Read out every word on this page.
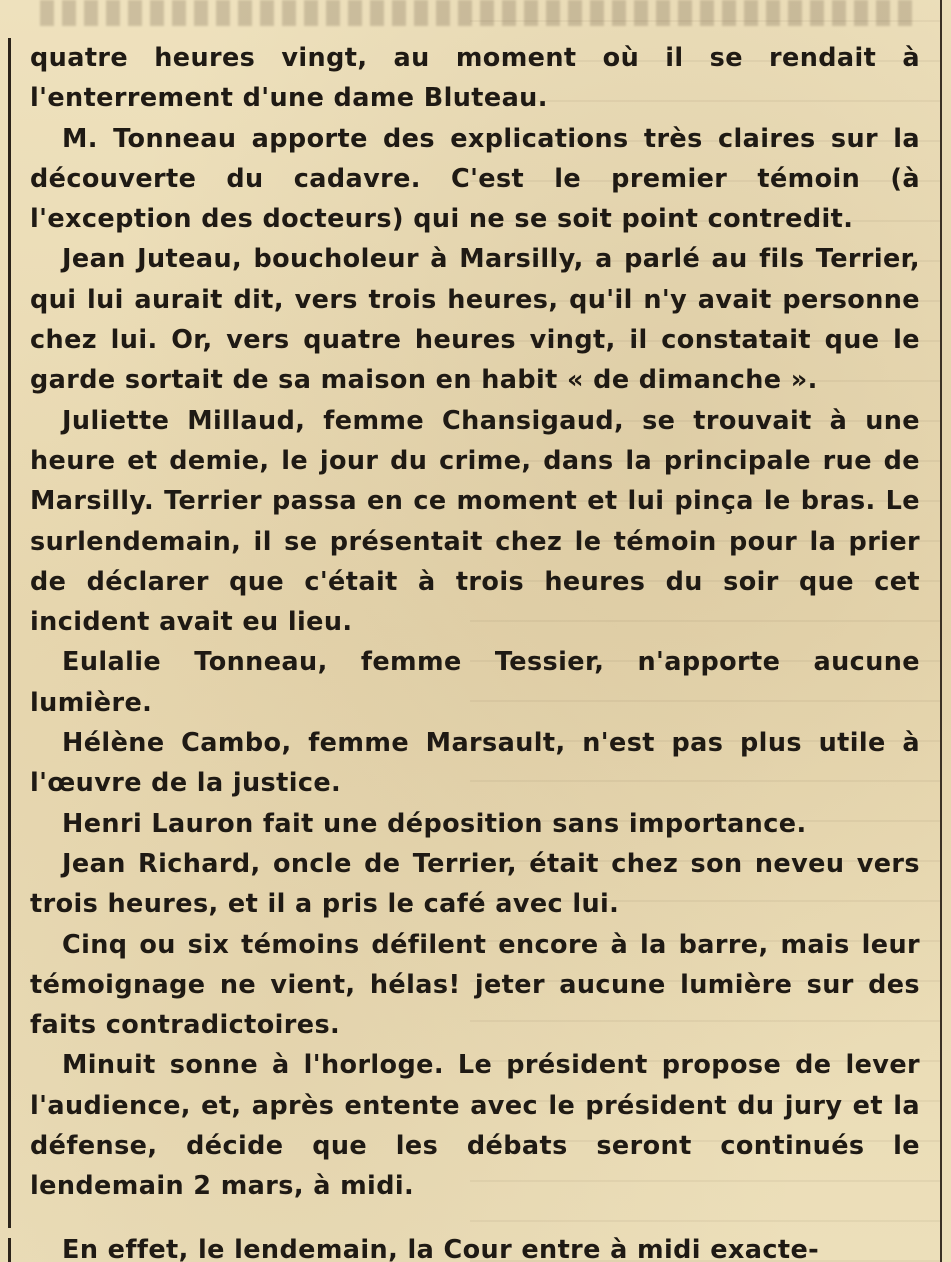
quatre heures vingt, au moment où il se rendait à l'enterrement d'une dame Bluteau.

M. Tonneau apporte des explications très claires sur la découverte du cadavre. C'est le premier témoin (à l'exception des docteurs) qui ne se soit point contredit.

Jean Juteau, boucholeur à Marsilly, a parlé au fils Terrier, qui lui aurait dit, vers trois heures, qu'il n'y avait personne chez lui. Or, vers quatre heures vingt, il constatait que le garde sortait de sa maison en habit « de dimanche ».

Juliette Millaud, femme Chansigaud, se trouvait à une heure et demie, le jour du crime, dans la principale rue de Marsilly. Terrier passa en ce moment et lui pinça le bras. Le surlendemain, il se présentait chez le témoin pour la prier de déclarer que c'était à trois heures du soir que cet incident avait eu lieu.

Eulalie Tonneau, femme Tessier, n'apporte aucune lumière.

Hélène Cambo, femme Marsault, n'est pas plus utile à l'œuvre de la justice.

Henri Lauron fait une déposition sans importance.

Jean Richard, oncle de Terrier, était chez son neveu vers trois heures, et il a pris le café avec lui.

Cinq ou six témoins défilent encore à la barre, mais leur témoignage ne vient, hélas! jeter aucune lumière sur des faits contradictoires.

Minuit sonne à l'horloge. Le président propose de lever l'audience, et, après entente avec le président du jury et la défense, décide que les débats seront continués le lendemain 2 mars, à midi.

En effet, le lendemain, la Cour entre à midi exacte-
